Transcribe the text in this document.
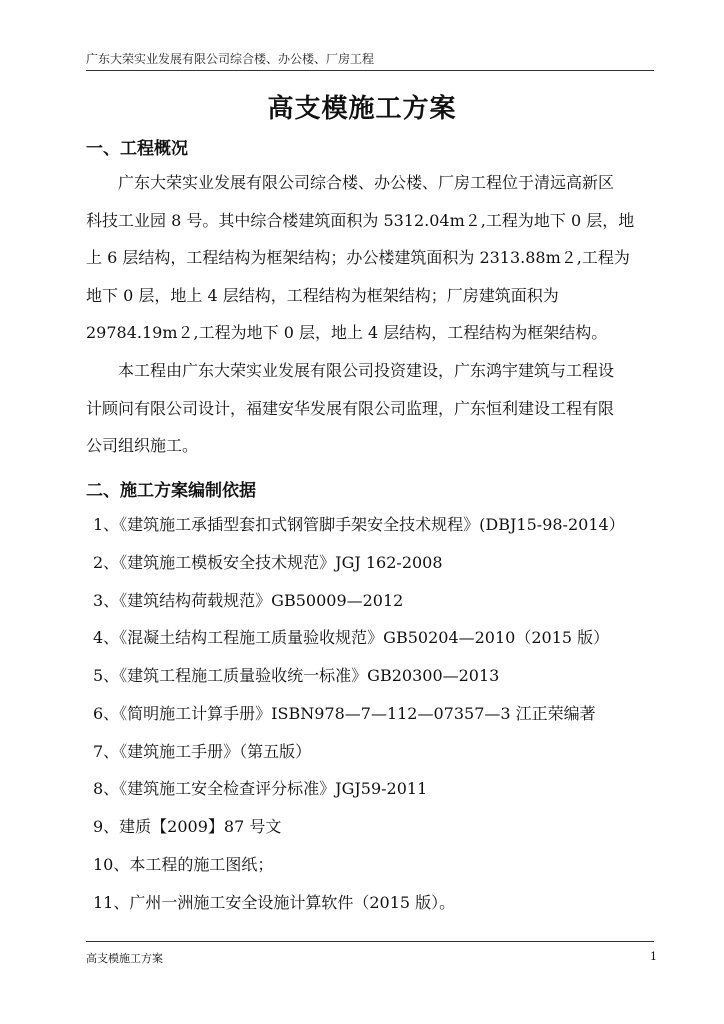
广东大荣实业发展有限公司综合楼、办公楼、厂房工程
高支模施工方案
一、工程概况
广东大荣实业发展有限公司综合楼、办公楼、厂房工程位于清远高新区
科技工业园 8 号。其中综合楼建筑面积为 5312.04m２,工程为地下 0 层，地
上 6 层结构，工程结构为框架结构；办公楼建筑面积为 2313.88m２,工程为
地下 0 层，地上 4 层结构，工程结构为框架结构；厂房建筑面积为
29784.19m２,工程为地下 0 层，地上 4 层结构，工程结构为框架结构。
本工程由广东大荣实业发展有限公司投资建设，广东鸿宇建筑与工程设
计顾问有限公司设计，福建安华发展有限公司监理，广东恒利建设工程有限
公司组织施工。
二、施工方案编制依据
1、《建筑施工承插型套扣式钢管脚手架安全技术规程》(DBJ15-98-2014）
2、《建筑施工模板安全技术规范》JGJ 162-2008
3、《建筑结构荷载规范》GB50009—2012
4、《混凝土结构工程施工质量验收规范》GB50204—2010（2015 版）
5、《建筑工程施工质量验收统一标准》GB20300—2013
6、《简明施工计算手册》ISBN978—7—112—07357—3 江正荣编著
7、《建筑施工手册》（第五版）
8、《建筑施工安全检查评分标准》JGJ59-2011
9、建质【2009】87 号文
10、本工程的施工图纸；
11、广州一洲施工安全设施计算软件（2015 版）。
高支模施工方案	1
